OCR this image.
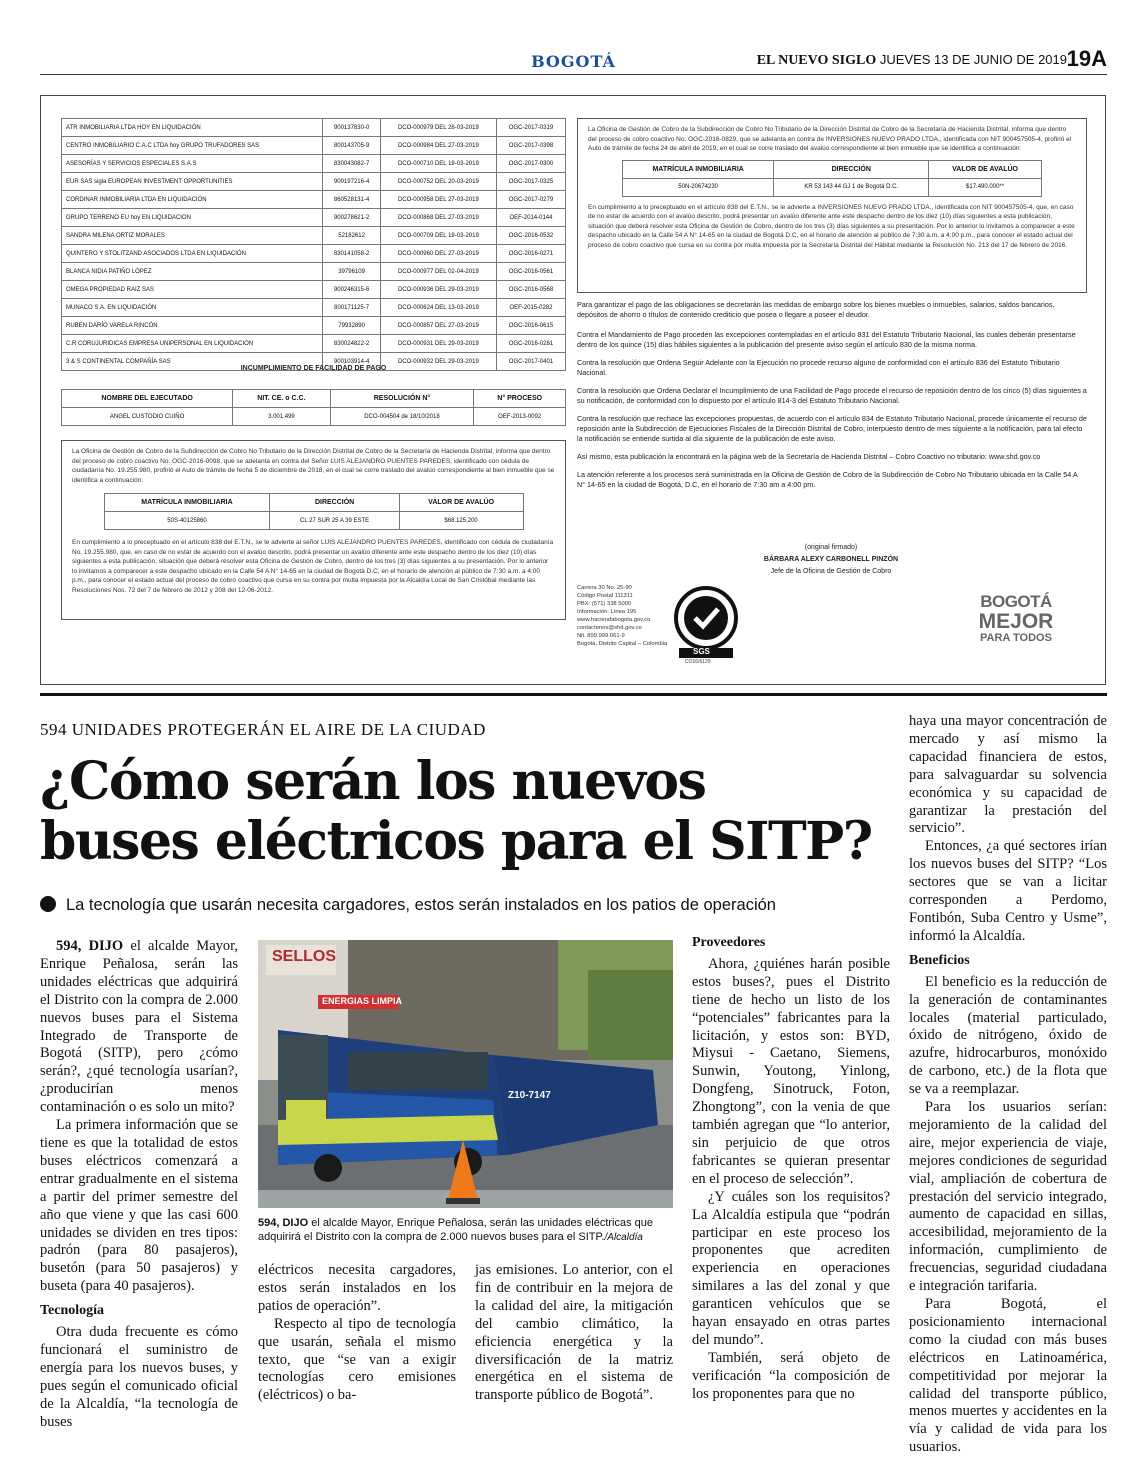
BOGOTÁ	EL NUEVO SIGLO JUEVES 13 DE JUNIO DE 2019 19A
ATR INMOBILIARIA LTDA HOY EN LIQUIDACIÓN	900137830-0	DCO-000979 DEL 28-03-2019	OGC-2017-0319
CENTRO INMOBILIARIO C.A.C LTDA hoy GRUPO TRUFADORES SAS	800143705-9	DCO-000984 DEL 27-03-2019	OGC-2017-0398
ASESORÍAS Y SERVICIOS ESPECIALES S.A.S	830043082-7	DCO-000710 DEL 19-03-2019	OGC-2017-0300
EUR SAS sigla EUROPEAN INVESTMENT OPPORTUNITIES	900197216-4	DCO-000752 DEL 20-03-2019	OGC-2017-0325
CORDINAR INMOBILIARIA LTDA EN LIQUIDACIÓN	860528131-4	DCO-000958 DEL 27-03-2019	OGC-2017-0279
GRUPO TERRENO EU hoy EN LIQUIDACION	900278621-2	DCO-000868 DEL 27-03-2019	OEF-2014-0144
SANDRA MILENA ORTIZ MORALES	52182612	DCO-000709 DEL 19-03-2019	OGC-2016-0532
QUINTERO Y STOLITZAND ASOCIADOS LTDA EN LIQUIDACIÓN	830141058-2	DCO-000960 DEL 27-03-2019	OGC-2016-0271
BLANCA NIDIA PATIÑO LÓPEZ	39796109	DCO-000977 DEL 02-04-2019	OGC-2016-0561
OMEGA PROPIEDAD RAIZ SAS	900246315-6	DCO-000936 DEL 29-03-2019	OGC-2016-0568
MUNACO S.A. EN LIQUIDACIÓN	800171125-7	DCO-000624 DEL 13-03-2019	OEF-2015-0282
RUBEN DARÍO VARELA RINCÓN	79932890	DCO-000857 DEL 27-03-2019	OGC-2016-0615
C.R CORUJURIDICAS EMPRESA UNIPERSONAL EN LIQUIDACIÓN	830024822-2	DCO-000931 DEL 29-03-2019	OGC-2016-0281
3 & S CONTINENTAL COMPAÑÍA SAS	900103914-4	DCO-000932 DEL 29-03-2019	OGC-2017-0401
INCUMPLIMIENTO DE FACILIDAD DE PAGO
NOMBRE DEL EJECUTADO	NIT. CE. o C.C.	RESOLUCIÓN N°	N° PROCESO
ANGEL CUSTODIO CUIÑO	3.001.499	DCO-004504 de 18/10/2018	OEF-2013-0092
La Oficina de Gestión de Cobro de la Subdirección de Cobro No Tributario de la Dirección Distrital de Cobro de la Secretaría de Hacienda Distrital, informa que dentro del proceso de cobro coactivo No. OGC-2016-0098, que se adelanta en contra del Señor LUIS ALEJANDRO PUENTES PAREDES, identificado con cédula de ciudadanía No. 19.255.980, profirió el Auto de trámite de fecha 5 de diciembre de 2018, en el cual se corre traslado del avalúo correspondiente al bien inmueble que se identifica a continuación:
MATRÍCULA INMOBILIARIA	DIRECCIÓN	VALOR DE AVALÚO
50S-40125860	CL 27 SUR 25 A 39 ESTE	$68.125.200
En cumplimiento a lo preceptuado en el artículo 838 del E.T.N., se le advierte al señor LUIS ALEJANDRO PUENTES PAREDES, identificado con cédula de ciudadanía No. 19.255.980, que, en caso de no estar de acuerdo con el avalúo descrito, podrá presentar un avalúo diferente ante este despacho dentro de los diez (10) días siguientes a esta publicación, situación que deberá resolver esta Oficina de Gestión de Cobro, dentro de los tres (3) días siguientes a su presentación. Por lo anterior lo invitamos a comparecer a este despacho ubicado en la Calle 54 A N° 14-65 en la ciudad de Bogotá D.C, en el horario de atención al público de 7:30 a.m. a 4:00 p.m., para conocer el estado actual del proceso de cobro coactivo que cursa en su contra por multa impuesta por la Alcaldía Local de San Cristóbal mediante las Resoluciones Nos. 72 del 7 de febrero de 2012 y 208 del 12-06-2012.
La Oficina de Gestión de Cobro de la Subdirección de Cobro No Tributario de la Dirección Distrital de Cobro de la Secretaría de Hacienda Distrital, informa que dentro del proceso de cobro coactivo No. OGC-2016-0829, que se adelanta en contra de INVERSIONES NUEVO PRADO LTDA., identificada con NIT 900457505-4, profirió el Auto de trámite de fecha 24 de abril de 2019, en el cual se corre traslado del avalúo correspondiente al bien inmueble que se identifica a continuación:
MATRÍCULA INMOBILIARIA	DIRECCIÓN	VALOR DE AVALÚO
50N-20674230	KR 53 143 44 GJ 1 de Bogotá D.C.	$17.490.000**
En cumplimiento a lo preceptuado en el artículo 838 del E.T.N., se le advierte a INVERSIONES NUEVO PRADO LTDA., identificada con NIT 900457505-4, que, en caso de no estar de acuerdo con el avalúo descrito, podrá presentar un avalúo diferente ante este despacho dentro de los diez (10) días siguientes a esta publicación, situación que deberá resolver esta Oficina de Gestión de Cobro, dentro de los tres (3) días siguientes a su presentación. Por lo anterior lo invitamos a comparecer a este despacho ubicado en la Calle 54 A N° 14-65 en la ciudad de Bogotá D.C, en el horario de atención al público de 7:30 a.m. a 4:00 p.m., para conocer el estado actual del proceso de cobro coactivo que cursa en su contra por multa impuesta por la Secretaría Distrital del Hábitat mediante la Resolución No. 213 del 17 de febrero de 2016.

Para garantizar el pago de las obligaciones se decretarán las medidas de embargo sobre los bienes muebles o inmuebles, salarios, saldos bancarios, depósitos de ahorro o títulos de contenido crediticio que posea o llegare a poseer el deudor.

Contra el Mandamiento de Pago proceden las excepciones contempladas en el artículo 831 del Estatuto Tributario Nacional, las cuales deberán presentarse dentro de los quince (15) días hábiles siguientes a la publicación del presente aviso según el artículo 830 de la misma norma.

Contra la resolución que Ordena Seguir Adelante con la Ejecución no procede recurso alguno de conformidad con el artículo 836 del Estatuto Tributario Nacional.

Contra la resolución que Ordena Declarar el Incumplimiento de una Facilidad de Pago procede el recurso de reposición dentro de los cinco (5) días siguientes a su notificación, de conformidad con lo dispuesto por el artículo 814-3 del Estatuto Tributario Nacional.

Contra la resolución que rechace las excepciones propuestas, de acuerdo con el artículo 834 de Estatuto Tributario Nacional, procede únicamente el recurso de reposición ante la Subdirección de Ejecuciones Fiscales de la Dirección Distrital de Cobro, interpuesto dentro de mes siguiente a la notificación, para tal efecto la notificación se entiende surtida al día siguiente de la publicación de este aviso.

Así mismo, esta publicación la encontrará en la página web de la Secretaría de Hacienda Distrital – Cobro Coactivo no tributario: www.shd.gov.co

La atención referente a los procesos será suministrada en la Oficina de Gestión de Cobro de la Subdirección de Cobro No Tributario ubicada en la Calle 54 A N° 14-65 en la ciudad de Bogotá, D.C, en el horario de 7:30 am a 4:00 pm.

(original firmado)
BÁRBARA ALEXY CARBONELL PINZÓN
Jefe de la Oficina de Gestión de Cobro
Carrera 30 No. 25-90
Código Postal 111311
PBX: (571) 338 5000
Información: Línea 195
www.haciendabogota.gov.co
contactenos@shd.gov.co
Nit. 899.999.061-9
Bogotá, Distrito Capital – Colombia
SGS
CO16/6129
BOGOTÁ
MEJOR
PARA TODOS
594 UNIDADES PROTEGERÁN EL AIRE DE LA CIUDAD
¿Cómo serán los nuevos
buses eléctricos para el SITP?
La tecnología que usarán necesita cargadores, estos serán instalados en los patios de operación

594, DIJO el alcalde Mayor, Enrique Peñalosa, serán las unidades eléctricas que adquirirá el Distrito con la compra de 2.000 nuevos buses para el Sistema Integrado de Transporte de Bogotá (SITP), pero ¿cómo serán?, ¿qué tecnología usarían?, ¿producirían menos contaminación o es solo un mito?

La primera información que se tiene es que la totalidad de estos buses eléctricos comenzará a entrar gradualmente en el sistema a partir del primer semestre del año que viene y que las casi 600 unidades se dividen en tres tipos: padrón (para 80 pasajeros), busetón (para 50 pasajeros) y buseta (para 40 pasajeros).

Tecnología

Otra duda frecuente es cómo funcionará el suministro de energía para los nuevos buses, y pues según el comunicado oficial de la Alcaldía, “la tecnología de buses

SELLOS
ENERGIAS LIMPIA
Z10-7147
594, DIJO el alcalde Mayor, Enrique Peñalosa, serán las unidades eléctricas que adquirirá el Distrito con la compra de 2.000 nuevos buses para el SITP./Alcaldía

eléctricos necesita cargadores, estos serán instalados en los patios de operación”.

Respecto al tipo de tecnología que usarán, señala el mismo texto, que “se van a exigir tecnologías cero emisiones (eléctricos) o ba-

jas emisiones. Lo anterior, con el fin de contribuir en la mejora de la calidad del aire, la mitigación del cambio climático, la eficiencia energética y la diversificación de la matriz energética en el sistema de transporte público de Bogotá”.

Proveedores

Ahora, ¿quiénes harán posible estos buses?, pues el Distrito tiene de hecho un listo de los “potenciales” fabricantes para la licitación, y estos son: BYD, Miysui - Caetano, Siemens, Sunwin, Youtong, Yinlong, Dongfeng, Sinotruck, Foton, Zhongtong”, con la venia de que también agregan que “lo anterior, sin perjuicio de que otros fabricantes se quieran presentar en el proceso de selección”.

¿Y cuáles son los requisitos? La Alcaldía estipula que “podrán participar en este proceso los proponentes que acrediten experiencia en operaciones similares a las del zonal y que garanticen vehículos que se hayan ensayado en otras partes del mundo”.

También, será objeto de verificación “la composición de los proponentes para que no

haya una mayor concentración de mercado y así mismo la capacidad financiera de estos, para salvaguardar su solvencia económica y su capacidad de garantizar la prestación del servicio”.

Entonces, ¿a qué sectores irían los nuevos buses del SITP? “Los sectores que se van a licitar corresponden a Perdomo, Fontibón, Suba Centro y Usme”, informó la Alcaldía.

Beneficios

El beneficio es la reducción de la generación de contaminantes locales (material particulado, óxido de nitrógeno, óxido de azufre, hidrocarburos, monóxido de carbono, etc.) de la flota que se va a reemplazar.

Para los usuarios serían: mejoramiento de la calidad del aire, mejor experiencia de viaje, mejores condiciones de seguridad vial, ampliación de cobertura de prestación del servicio integrado, aumento de capacidad en sillas, accesibilidad, mejoramiento de la información, cumplimiento de frecuencias, seguridad ciudadana e integración tarifaria.

Para Bogotá, el posicionamiento internacional como la ciudad con más buses eléctricos en Latinoamérica, competitividad por mejorar la calidad del transporte público, menos muertes y accidentes en la vía y calidad de vida para los usuarios.
